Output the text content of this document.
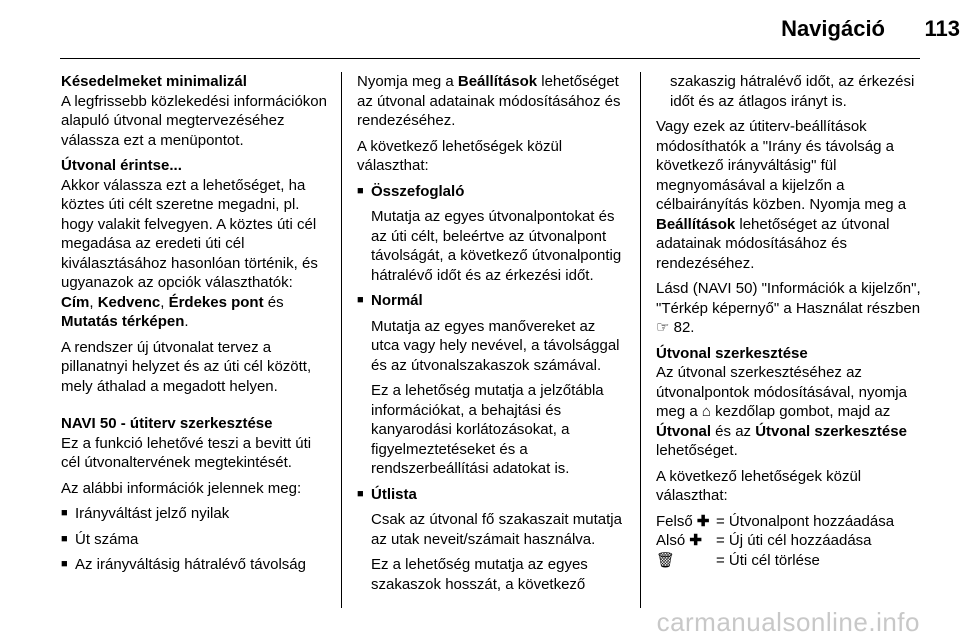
Navigáció 113

Késedelmeket minimalizál

A legfrissebb közlekedési információkon alapuló útvonal megtervezéséhez válassza ezt a menüpontot.

Útvonal érintse...

Akkor válassza ezt a lehetőséget, ha köztes úti célt szeretne megadni, pl. hogy valakit felvegyen. A köztes úti cél megadása az eredeti úti cél kiválasztásához hasonlóan történik, és ugyanazok az opciók választhatók: Cím, Kedvenc, Érdekes pont és Mutatás térképen.

A rendszer új útvonalat tervez a pillanatnyi helyzet és az úti cél között, mely áthalad a megadott helyen.

NAVI 50 - útiterv szerkesztése

Ez a funkció lehetővé teszi a bevitt úti cél útvonaltervének megtekintését.

Az alábbi információk jelennek meg:

■ Irányváltást jelző nyilak
■ Út száma
■ Az irányváltásig hátralévő távolság

Nyomja meg a Beállítások lehetőséget az útvonal adatainak módosításához és rendezéséhez.

A következő lehetőségek közül választhat:

■ Összefoglaló

Mutatja az egyes útvonalpontokat és az úti célt, beleértve az útvonalpont távolságát, a következő útvonalpontig hátralévő időt és az érkezési időt.

■ Normál

Mutatja az egyes manővereket az utca vagy hely nevével, a távolsággal és az útvonalszakaszok számával.

Ez a lehetőség mutatja a jelzőtábla információkat, a behajtási és kanyarodási korlátozásokat, a figyelmeztetéseket és a rendszerbeállítási adatokat is.

■ Útlista

Csak az útvonal fő szakaszait mutatja az utak neveit/számait használva.

Ez a lehetőség mutatja az egyes szakaszok hosszát, a következő

szakaszig hátralévő időt, az érkezési időt és az átlagos irányt is.

Vagy ezek az útiterv-beállítások módosíthatók a "Irány és távolság a következő irányváltásig" fül megnyomásával a kijelzőn a célbairányítás közben. Nyomja meg a Beállítások lehetőséget az útvonal adatainak módosításához és rendezéséhez.

Lásd (NAVI 50) "Információk a kijelzőn", "Térkép képernyő" a Használat részben ☞ 82.

Útvonal szerkesztése

Az útvonal szerkesztéséhez az útvonalpontok módosításával, nyomja meg a ⌂ kezdőlap gombot, majd az Útvonal és az Útvonal szerkesztése lehetőséget.

A következő lehetőségek közül választhat:

Felső ✚ = Útvonalpont hozzáadása
Alsó ✚ = Új úti cél hozzáadása
🗑	= Úti cél törlése
carmanualsonline.info
